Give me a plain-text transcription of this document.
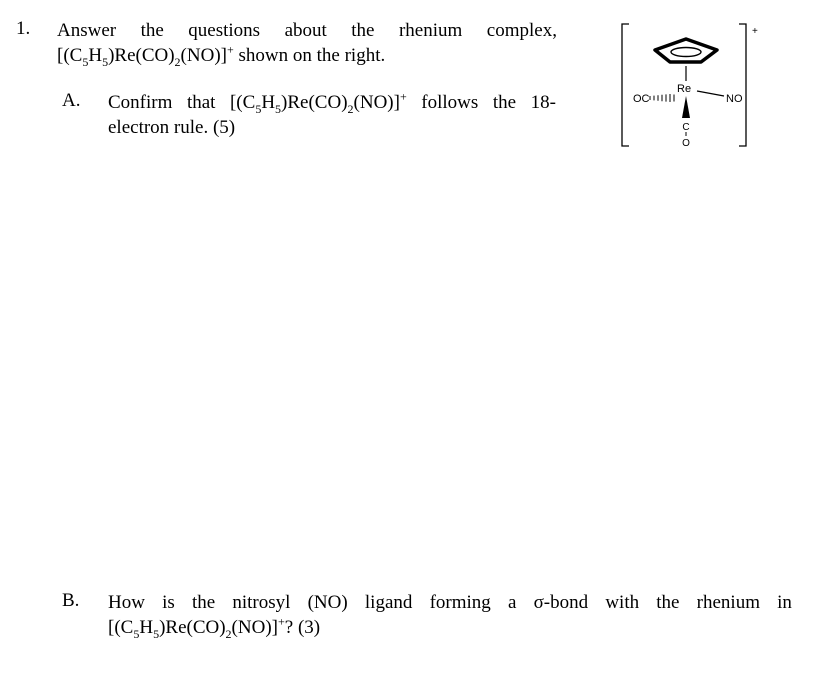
1. Answer the questions about the rhenium complex,
$[(C_5H_5)Re(CO)_2(NO)]^+$ shown on the right.
A. Confirm that $[(C_5H_5)Re(CO)_2(NO)]^+$ follows the 18-
electron rule. (5)
+
Re
OC	NO
C
O
B. How is the nitrosyl (NO) ligand forming a σ-bond with the rhenium in
$[(C_5H_5)Re(CO)_2(NO)]^+$? (3)
